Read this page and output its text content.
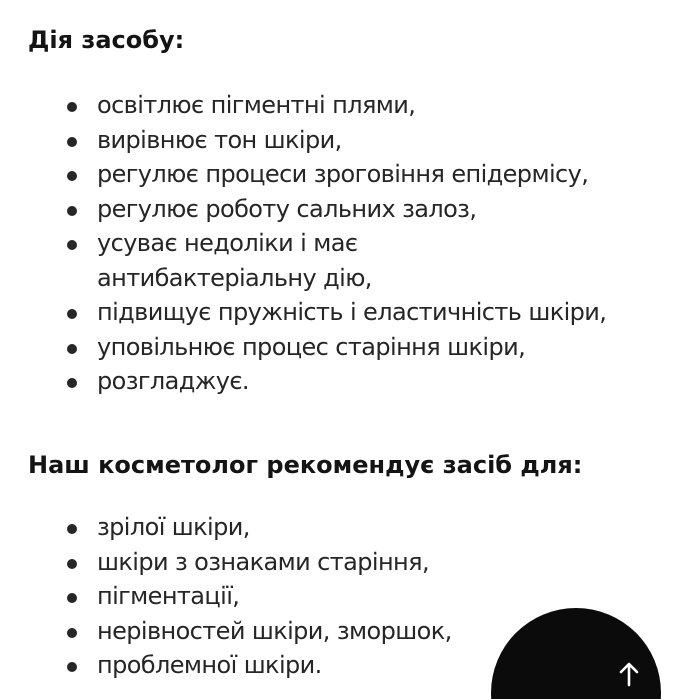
Дія засобу:
освітлює пігментні плями,
вирівнює тон шкіри,
регулює процеси зроговіння епідермісу,
регулює роботу сальних залоз,
усуває недоліки і має
антибактеріальну дію,
підвищує пружність і еластичність шкіри,
уповільнює процес старіння шкіри,
розгладжує.
Наш косметолог рекомендує засіб для:
зрілої шкіри,
шкіри з ознаками старіння,
пігментації,
нерівностей шкіри, зморшок,
проблемної шкіри.
